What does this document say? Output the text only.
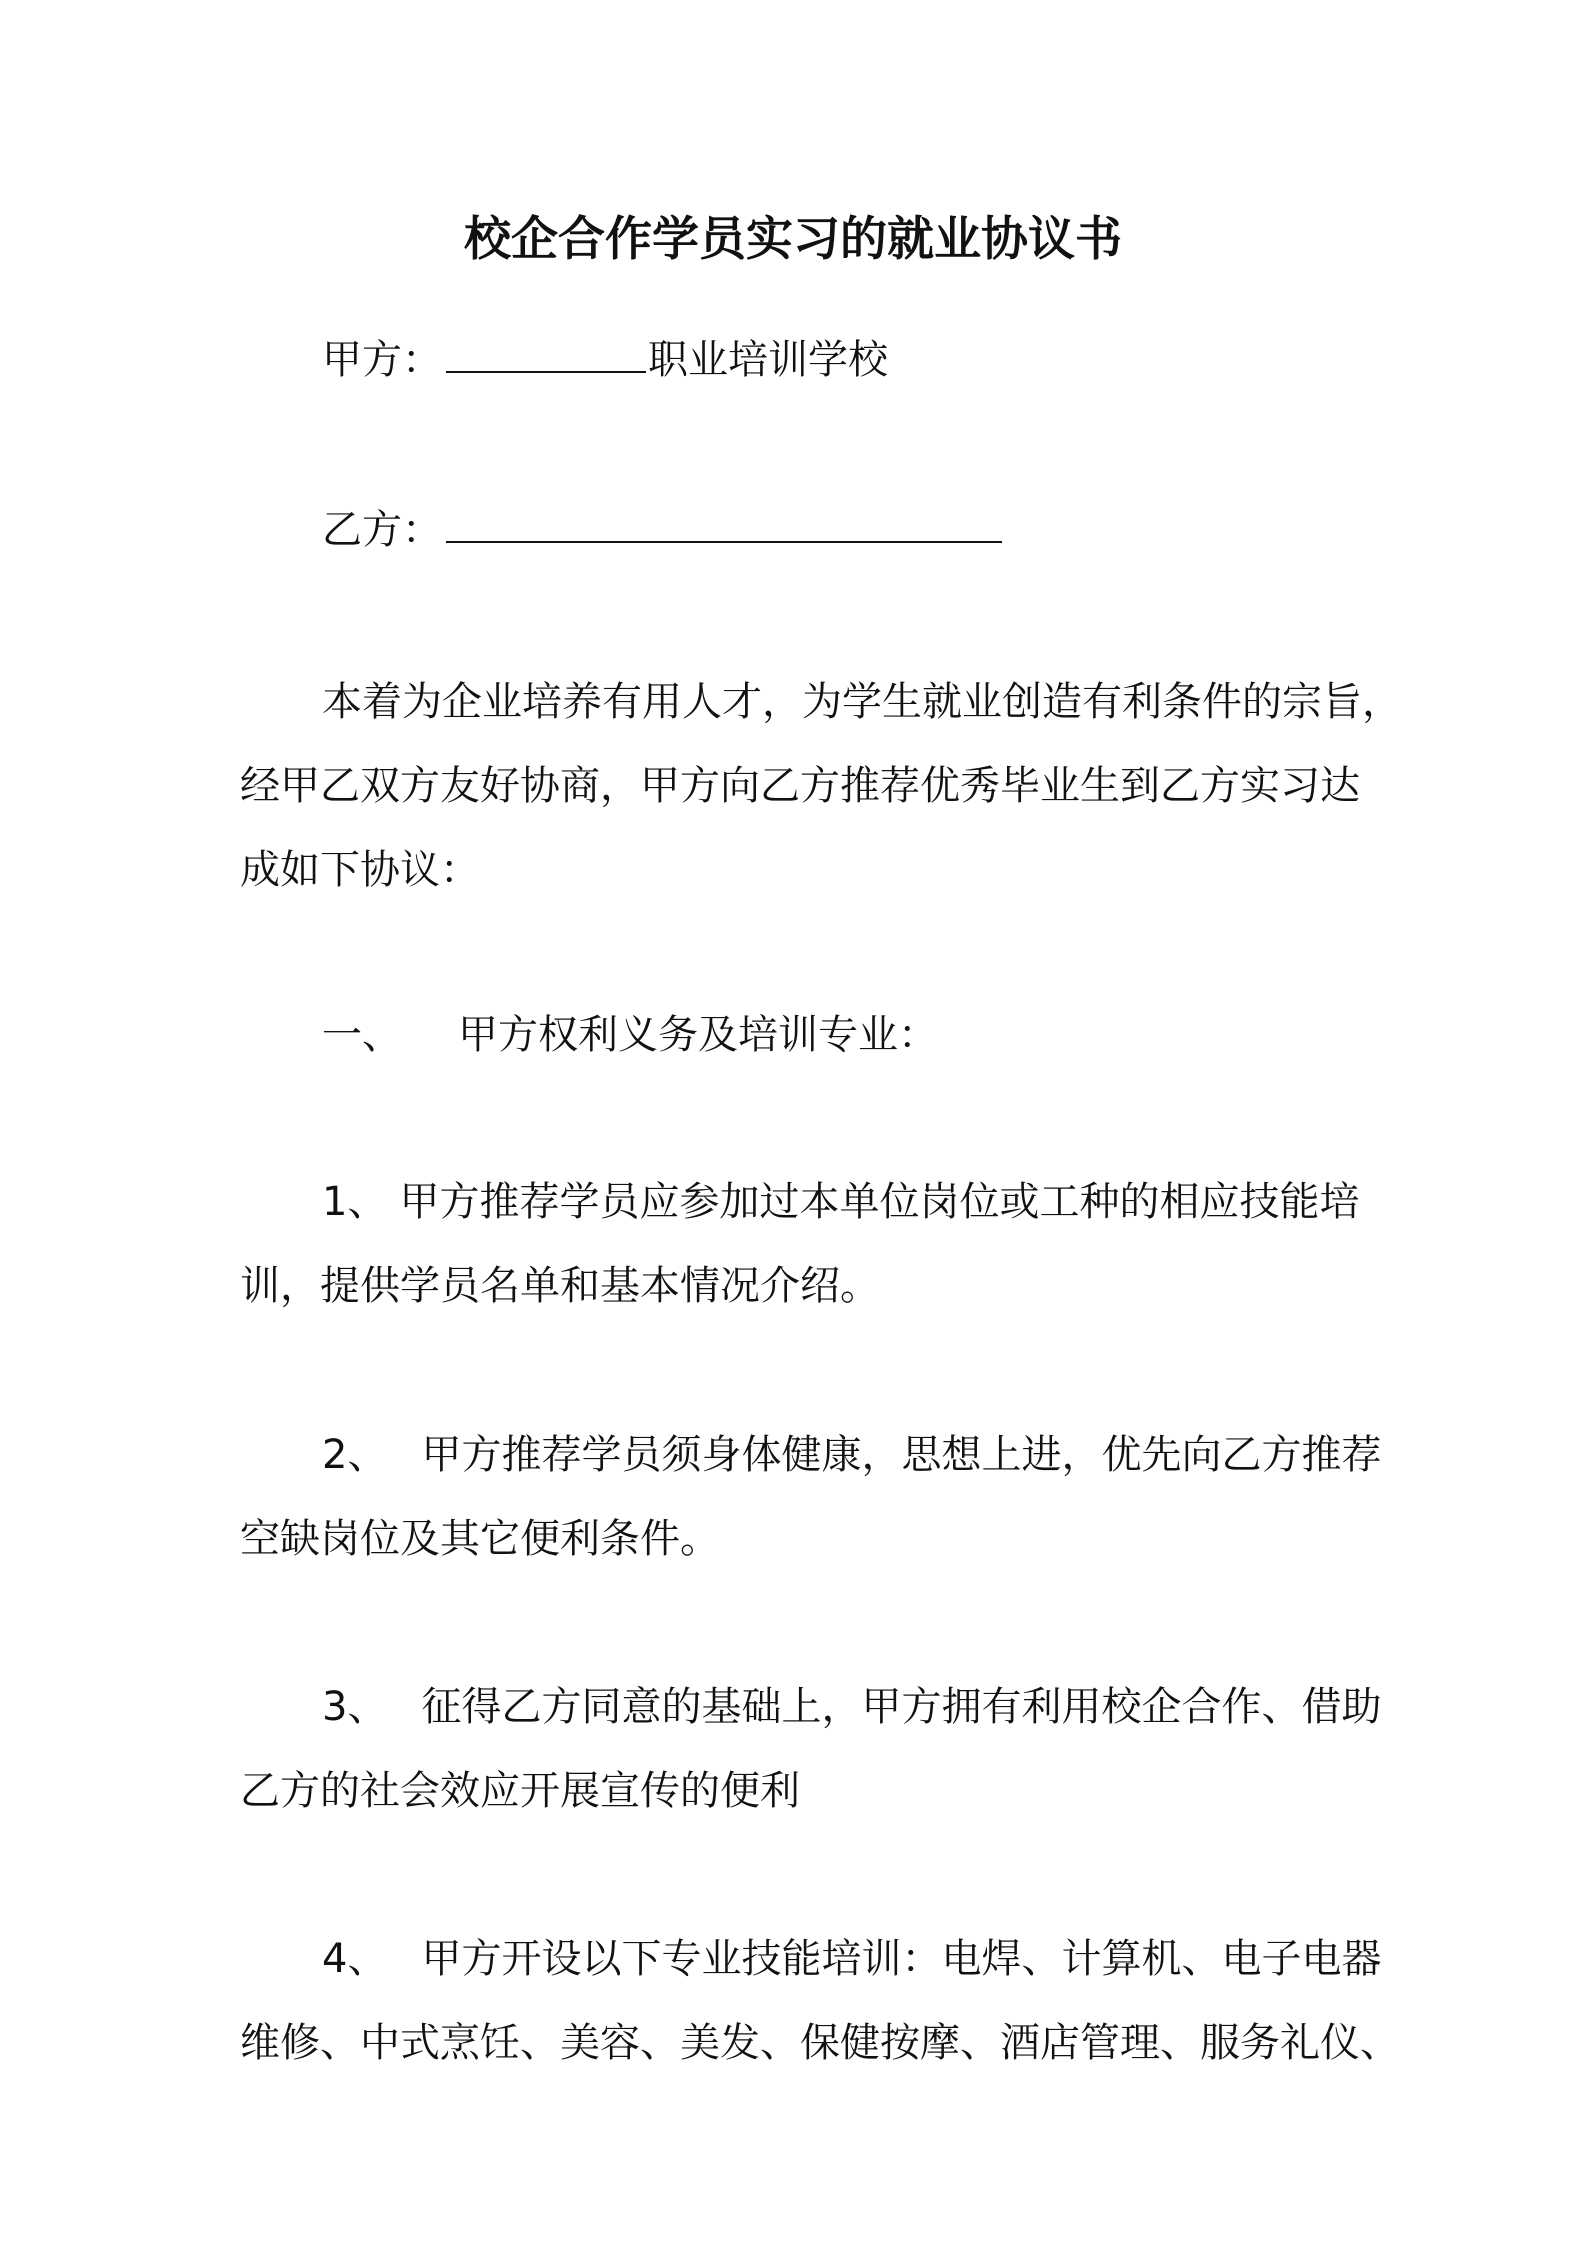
校企合作学员实习的就业协议书
甲方：	职业培训学校
乙方：
本着为企业培养有用人才，为学生就业创造有利条件的宗旨，
经甲乙双方友好协商，甲方向乙方推荐优秀毕业生到乙方实习达
成如下协议：
一、 甲方权利义务及培训专业：
1、 甲方推荐学员应参加过本单位岗位或工种的相应技能培
训，提供学员名单和基本情况介绍。
2、 甲方推荐学员须身体健康，思想上进，优先向乙方推荐
空缺岗位及其它便利条件。
3、 征得乙方同意的基础上，甲方拥有利用校企合作、借助
乙方的社会效应开展宣传的便利
4、 甲方开设以下专业技能培训：电焊、计算机、电子电器
维修、中式烹饪、美容、美发、保健按摩、酒店管理、服务礼仪、
